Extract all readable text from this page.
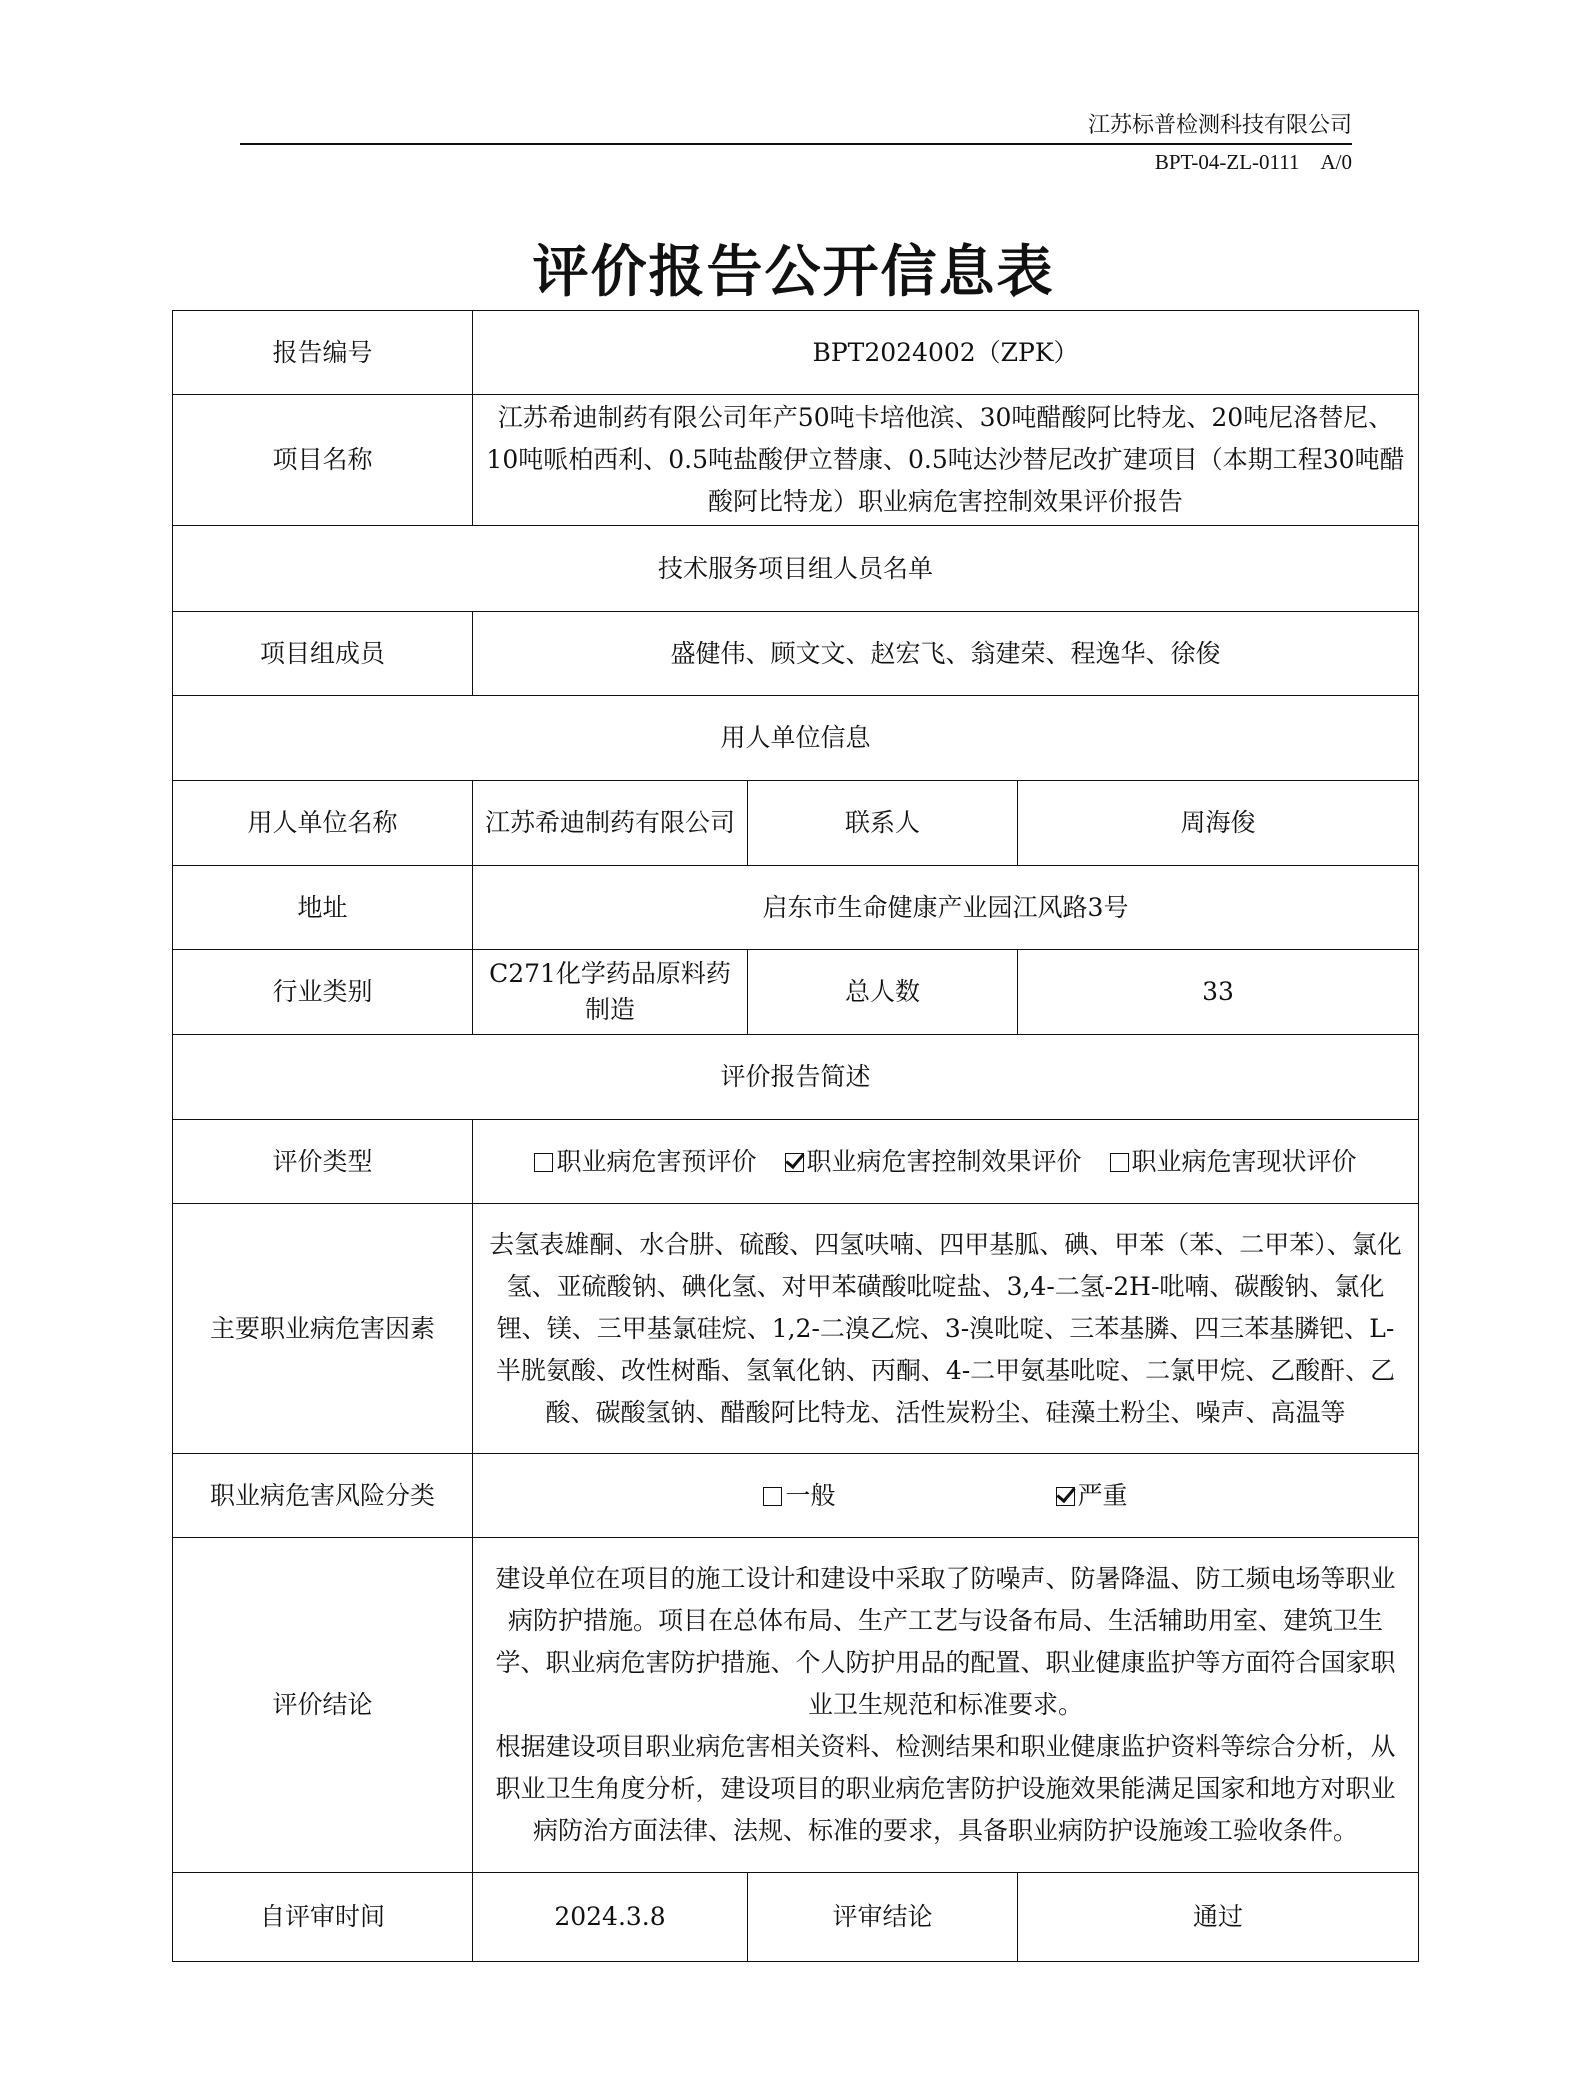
江苏标普检测科技有限公司
BPT-04-ZL-0111　A/0
评价报告公开信息表
报告编号	BPT2024002（ZPK）		
项目名称	江苏希迪制药有限公司年产50吨卡培他滨、30吨醋酸阿比特龙、20吨尼洛替尼、10吨哌柏西利、0.5吨盐酸伊立替康、0.5吨达沙替尼改扩建项目（本期工程30吨醋酸阿比特龙）职业病危害控制效果评价报告		
技术服务项目组人员名单			
项目组成员	盛健伟、顾文文、赵宏飞、翁建荣、程逸华、徐俊		
用人单位信息			
用人单位名称	江苏希迪制药有限公司	联系人	周海俊
地址	启东市生命健康产业园江风路3号		
行业类别	C271化学药品原料药制造	总人数	33
评价报告简述			
评价类型	职业病危害预评价 职业病危害控制效果评价 职业病危害现状评价		
主要职业病危害因素	去氢表雄酮、水合肼、硫酸、四氢呋喃、四甲基胍、碘、甲苯（苯、二甲苯）、氯化氢、亚硫酸钠、碘化氢、对甲苯磺酸吡啶盐、3,4-二氢-2H-吡喃、碳酸钠、氯化锂、镁、三甲基氯硅烷、1,2-二溴乙烷、3-溴吡啶、三苯基膦、四三苯基膦钯、L-半胱氨酸、改性树酯、氢氧化钠、丙酮、4-二甲氨基吡啶、二氯甲烷、乙酸酐、乙酸、碳酸氢钠、醋酸阿比特龙、活性炭粉尘、硅藻土粉尘、噪声、高温等		
职业病危害风险分类	一般 严重		
评价结论	建设单位在项目的施工设计和建设中采取了防噪声、防暑降温、防工频电场等职业病防护措施。项目在总体布局、生产工艺与设备布局、生活辅助用室、建筑卫生学、职业病危害防护措施、个人防护用品的配置、职业健康监护等方面符合国家职业卫生规范和标准要求。
根据建设项目职业病危害相关资料、检测结果和职业健康监护资料等综合分析，从职业卫生角度分析，建设项目的职业病危害防护设施效果能满足国家和地方对职业病防治方面法律、法规、标准的要求，具备职业病防护设施竣工验收条件。		

自评审时间	2024.3.8	评审结论	通过
